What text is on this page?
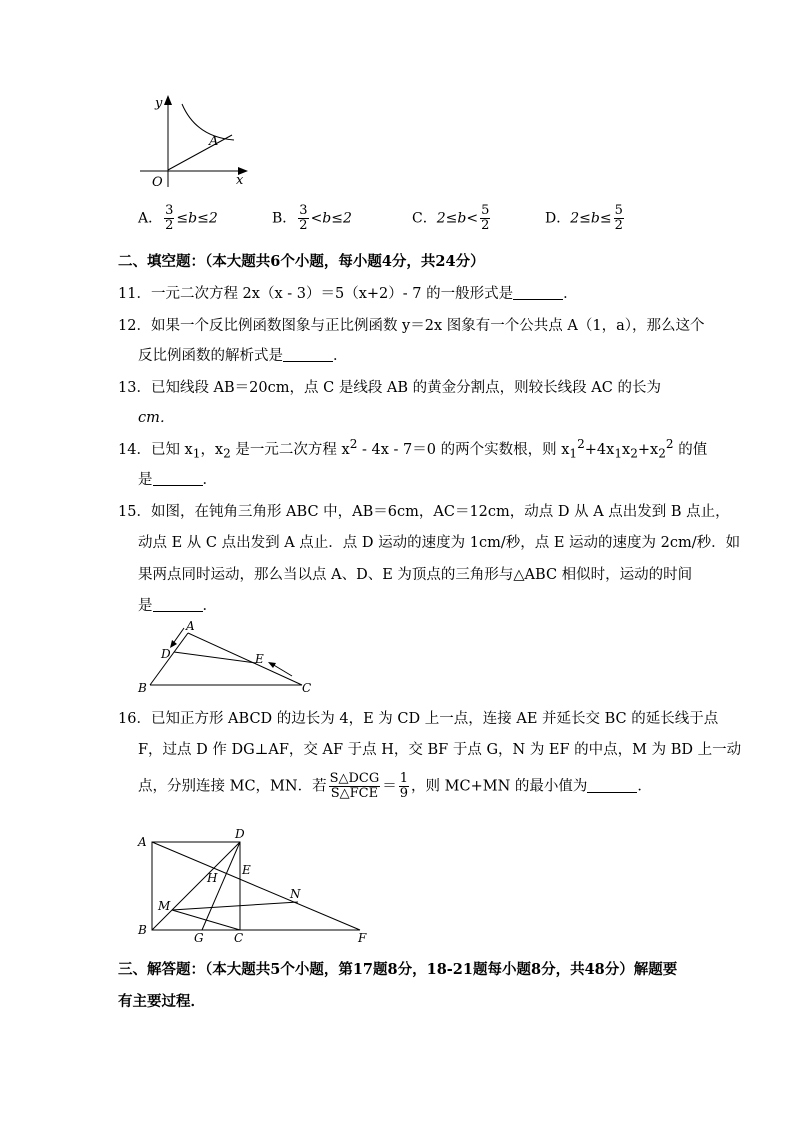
y
x
A
O
A． $\frac{3}{2} \le b\le 2$	B． $\frac{3}{2} <b\le 2$	C．$2\le b< \frac{5}{2}$	D．$2\le b\le \frac{5}{2}$
二、填空题：（本大题共6个小题，每小题4分，共24分）
11．一元二次方程 2x（x - 3）＝5（x+2）- 7 的一般形式是	．
12．如果一个反比例函数图象与正比例函数 y＝2x 图象有一个公共点 A（1，a），那么这个
反比例函数的解析式是	．
13．已知线段 AB＝20cm，点 C 是线段 AB 的黄金分割点，则较长线段 AC 的长为
cm．
14．已知 $x_1$，$x_2$ 是一元二次方程 $x^2 - 4x - 7=0$ 的两个实数根，则 $x_1^2+4x_1x_2+x_2^2$ 的值
是	．
15．如图，在钝角三角形 ABC 中，AB＝6cm，AC＝12cm，动点 D 从 A 点出发到 B 点止，
动点 E 从 C 点出发到 A 点止．点 D 运动的速度为 1cm/秒，点 E 运动的速度为 2cm/秒．如
果两点同时运动，那么当以点 A、D、E 为顶点的三角形与△ABC 相似时，运动的时间
是	．
A
B	C
D	E
16．已知正方形 ABCD 的边长为 4，E 为 CD 上一点，连接 AE 并延长交 BC 的延长线于点
F，过点 D 作 DG⊥AF，交 AF 于点 H，交 BF 于点 G，N 为 EF 的中点，M 为 BD 上一动
点，分别连接 MC，MN．若 $\frac{\text{S△DCG}}{\text{S△FCE}} = \frac{1}{9}$ ，则 MC+MN 的最小值为	．
A
B
C
D
E
F
G
H
M
N
三、解答题：（本大题共5个小题，第17题8分，18-21题每小题8分，共48分）解题要
有主要过程．
